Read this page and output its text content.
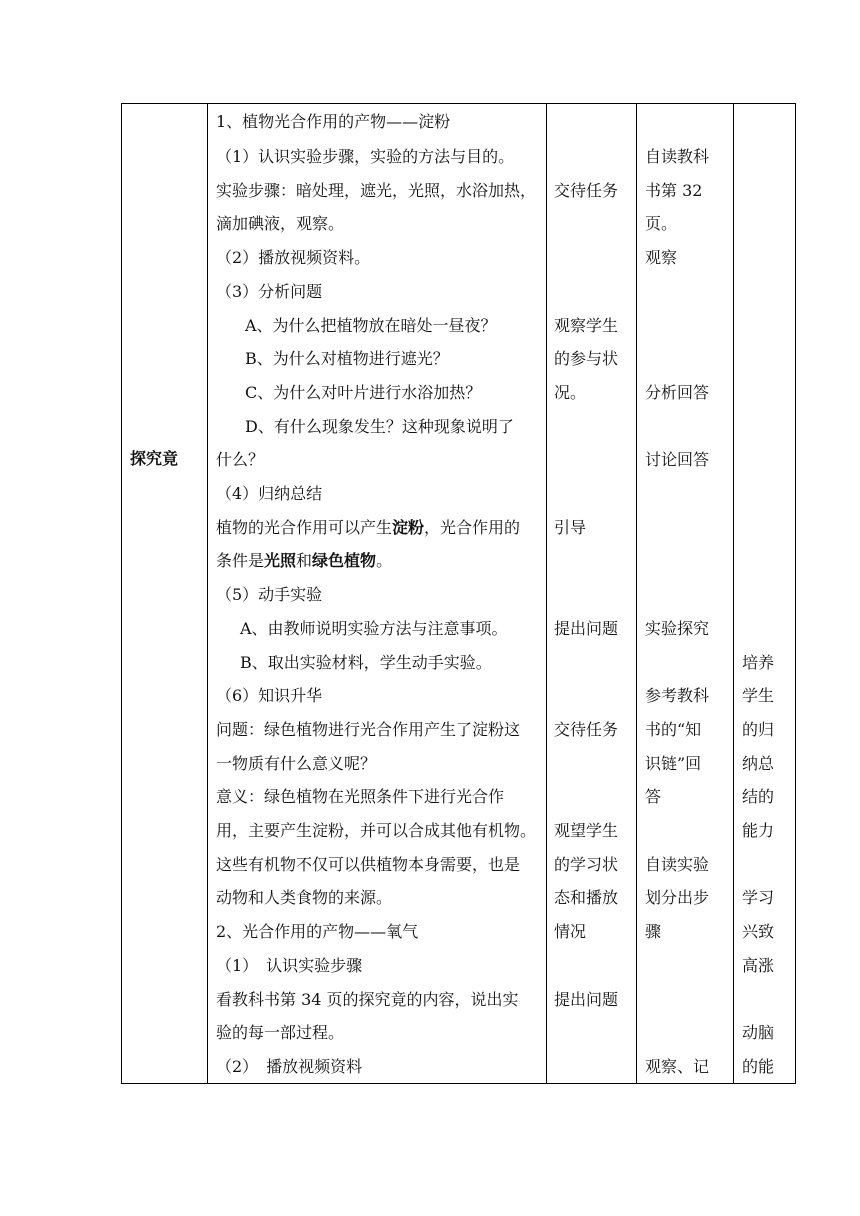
探究竟
1、植物光合作用的产物——淀粉
（1）认识实验步骤，实验的方法与目的。
实验步骤：暗处理，遮光，光照，水浴加热，
滴加碘液，观察。
（2）播放视频资料。
（3）分析问题
A、为什么把植物放在暗处一昼夜？
B、为什么对植物进行遮光？
C、为什么对叶片进行水浴加热？
D、有什么现象发生？这种现象说明了
什么？
（4）归纳总结
植物的光合作用可以产生淀粉，光合作用的
条件是光照和绿色植物。
（5）动手实验
A、由教师说明实验方法与注意事项。
B、取出实验材料，学生动手实验。
（6）知识升华
问题：绿色植物进行光合作用产生了淀粉这
一物质有什么意义呢？
意义：绿色植物在光照条件下进行光合作
用，主要产生淀粉，并可以合成其他有机物。
这些有机物不仅可以供植物本身需要，也是
动物和人类食物的来源。
2、光合作用的产物——氧气
（1）　认识实验步骤
看教科书第 34 页的探究竟的内容，说出实
验的每一部过程。
（2）　播放视频资料
交待任务
观察学生
的参与状
况。
引导
提出问题
交待任务
观望学生
的学习状
态和播放
情况
提出问题
自读教科
书第 32
页。
观察
分析回答
讨论回答
实验探究
参考教科
书的“知
识链”回
答
自读实验
划分出步
骤
观察、记
培养
学生
的归
纳总
结的
能力
学习
兴致
高涨
动脑
的能
